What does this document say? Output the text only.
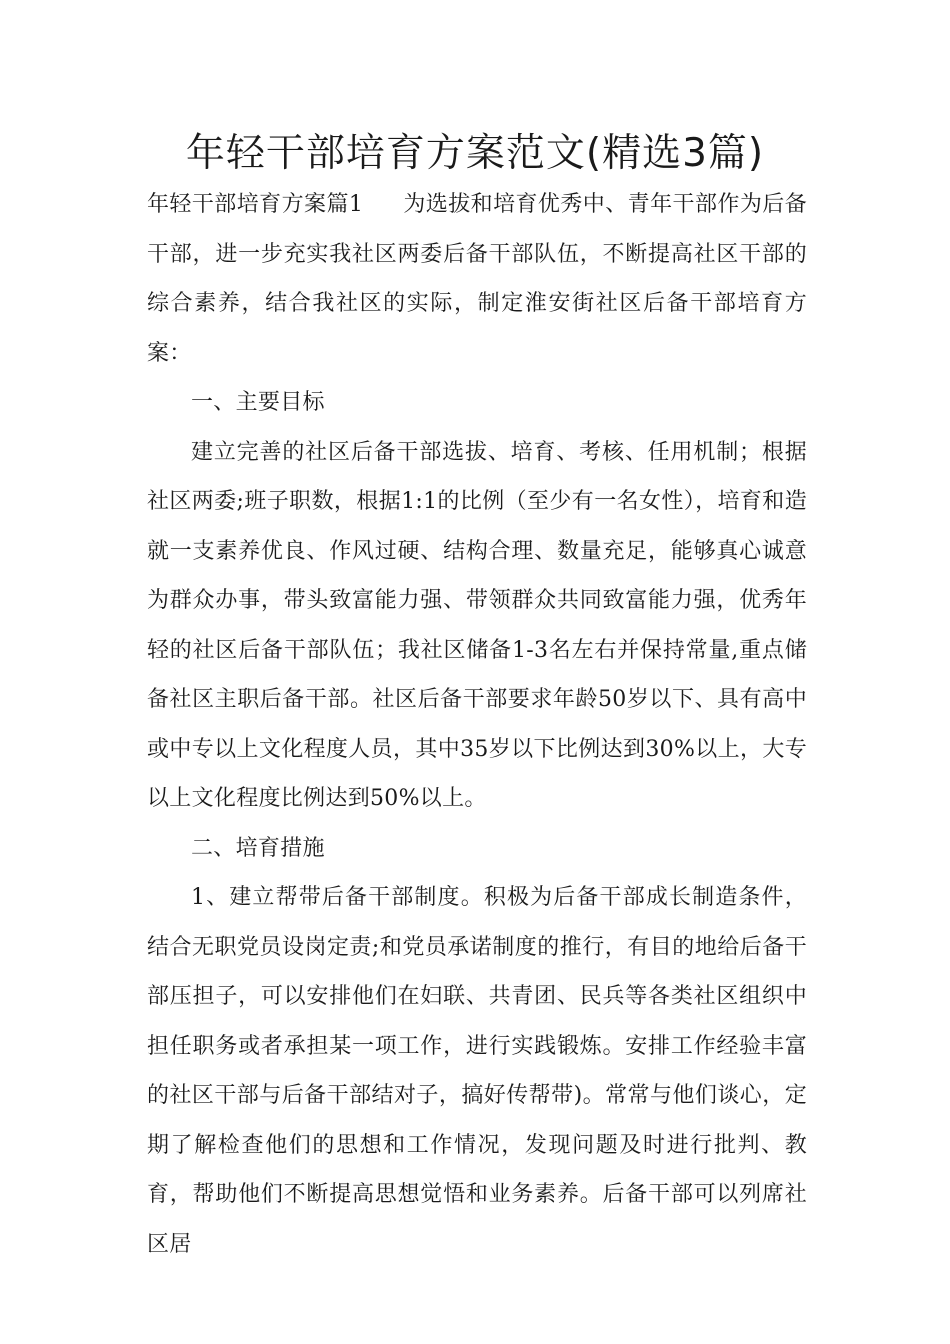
年轻干部培育方案范文(精选3篇)

年轻干部培育方案篇1 为选拔和培育优秀中、青年干部作为后备干部，进一步充实我社区两委后备干部队伍，不断提高社区干部的综合素养，结合我社区的实际，制定淮安街社区后备干部培育方案：

一、主要目标

建立完善的社区后备干部选拔、培育、考核、任用机制；根据社区两委;班子职数，根据1:1的比例（至少有一名女性），培育和造就一支素养优良、作风过硬、结构合理、数量充足，能够真心诚意为群众办事，带头致富能力强、带领群众共同致富能力强，优秀年轻的社区后备干部队伍；我社区储备1-3名左右并保持常量,重点储备社区主职后备干部。社区后备干部要求年龄50岁以下、具有高中或中专以上文化程度人员，其中35岁以下比例达到30%以上，大专以上文化程度比例达到50%以上。

二、培育措施

1、建立帮带后备干部制度。积极为后备干部成长制造条件，结合无职党员设岗定责;和党员承诺制度的推行，有目的地给后备干部压担子，可以安排他们在妇联、共青团、民兵等各类社区组织中担任职务或者承担某一项工作，进行实践锻炼。安排工作经验丰富的社区干部与后备干部结对子，搞好传帮带)。常常与他们谈心，定期了解检查他们的思想和工作情况，发现问题及时进行批判、教育，帮助他们不断提高思想觉悟和业务素养。后备干部可以列席社区居
